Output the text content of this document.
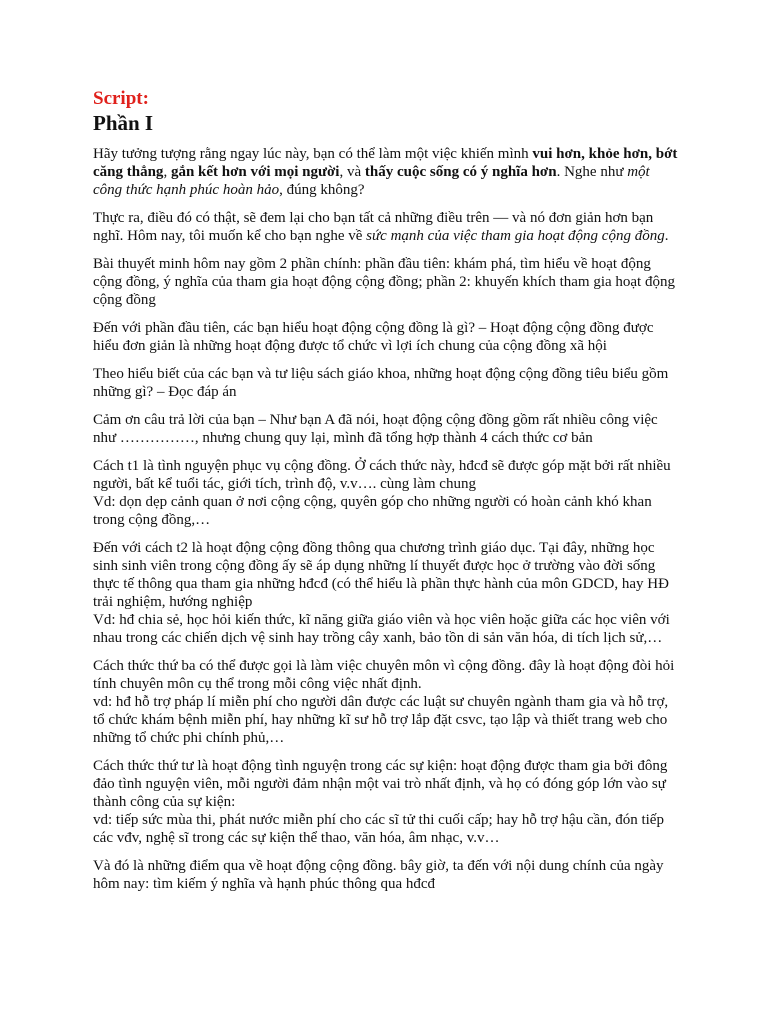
Script:
Phần I

Hãy tưởng tượng rằng ngay lúc này, bạn có thể làm một việc khiến mình vui hơn, khỏe hơn, bớt căng thẳng, gắn kết hơn với mọi người, và thấy cuộc sống có ý nghĩa hơn. Nghe như một công thức hạnh phúc hoàn hảo, đúng không?

Thực ra, điều đó có thật, sẽ đem lại cho bạn tất cả những điều trên — và nó đơn giản hơn bạn nghĩ. Hôm nay, tôi muốn kể cho bạn nghe về sức mạnh của việc tham gia hoạt động cộng đồng.

Bài thuyết minh hôm nay gồm 2 phần chính: phần đầu tiên: khám phá, tìm hiểu về hoạt động cộng đồng, ý nghĩa của tham gia hoạt động cộng đồng; phần 2: khuyến khích tham gia hoạt động cộng đồng

Đến với phần đầu tiên, các bạn hiểu hoạt động cộng đồng là gì? – Hoạt động cộng đồng được hiểu đơn giản là những hoạt động được tổ chức vì lợi ích chung của cộng đồng xã hội

Theo hiểu biết của các bạn và tư liệu sách giáo khoa, những hoạt động cộng đồng tiêu biểu gồm những gì? – Đọc đáp án

Cảm ơn câu trả lời của bạn – Như bạn A đã nói, hoạt động cộng đồng gồm rất nhiều công việc như ……………, nhưng chung quy lại, mình đã tổng hợp thành 4 cách thức cơ bản

Cách t1 là tình nguyện phục vụ cộng đồng. Ở cách thức này, hđcđ sẽ được góp mặt bởi rất nhiều người, bất kể tuổi tác, giới tích, trình độ, v.v…. cùng làm chung
Vd: dọn dẹp cảnh quan ở nơi cộng cộng, quyên góp cho những người có hoàn cảnh khó khan trong cộng đồng,…

Đến với cách t2 là hoạt động cộng đồng thông qua chương trình giáo dục. Tại đây, những học sinh sinh viên trong cộng đồng ấy sẽ áp dụng những lí thuyết được học ở trường vào đời sống thực tế thông qua tham gia những hđcđ (có thể hiểu là phần thực hành của môn GDCD, hay HĐ trải nghiệm, hướng nghiệp
Vd: hđ chia sẻ, học hỏi kiến thức, kĩ năng giữa giáo viên và học viên hoặc giữa các học viên với nhau trong các chiến dịch vệ sinh hay trồng cây xanh, bảo tồn di sản văn hóa, di tích lịch sử,…

Cách thức thứ ba có thể được gọi là làm việc chuyên môn vì cộng đồng. đây là hoạt động đòi hỏi tính chuyên môn cụ thể trong mỗi công việc nhất định.
vd: hđ hỗ trợ pháp lí miễn phí cho người dân được các luật sư chuyên ngành tham gia và hỗ trợ, tổ chức khám bệnh miễn phí, hay những kĩ sư hỗ trợ lắp đặt csvc, tạo lập và thiết trang web cho những tổ chức phi chính phủ,…

Cách thức thứ tư là hoạt động tình nguyện trong các sự kiện: hoạt động được tham gia bởi đông đảo tình nguyện viên, mỗi người đảm nhận một vai trò nhất định, và họ có đóng góp lớn vào sự thành công của sự kiện:
vd: tiếp sức mùa thi, phát nước miễn phí cho các sĩ tử thi cuối cấp; hay hỗ trợ hậu cần, đón tiếp các vđv, nghệ sĩ trong các sự kiện thể thao, văn hóa, âm nhạc, v.v…

Và đó là những điểm qua về hoạt động cộng đồng. bây giờ, ta đến với nội dung chính của ngày hôm nay: tìm kiếm ý nghĩa và hạnh phúc thông qua hđcđ
